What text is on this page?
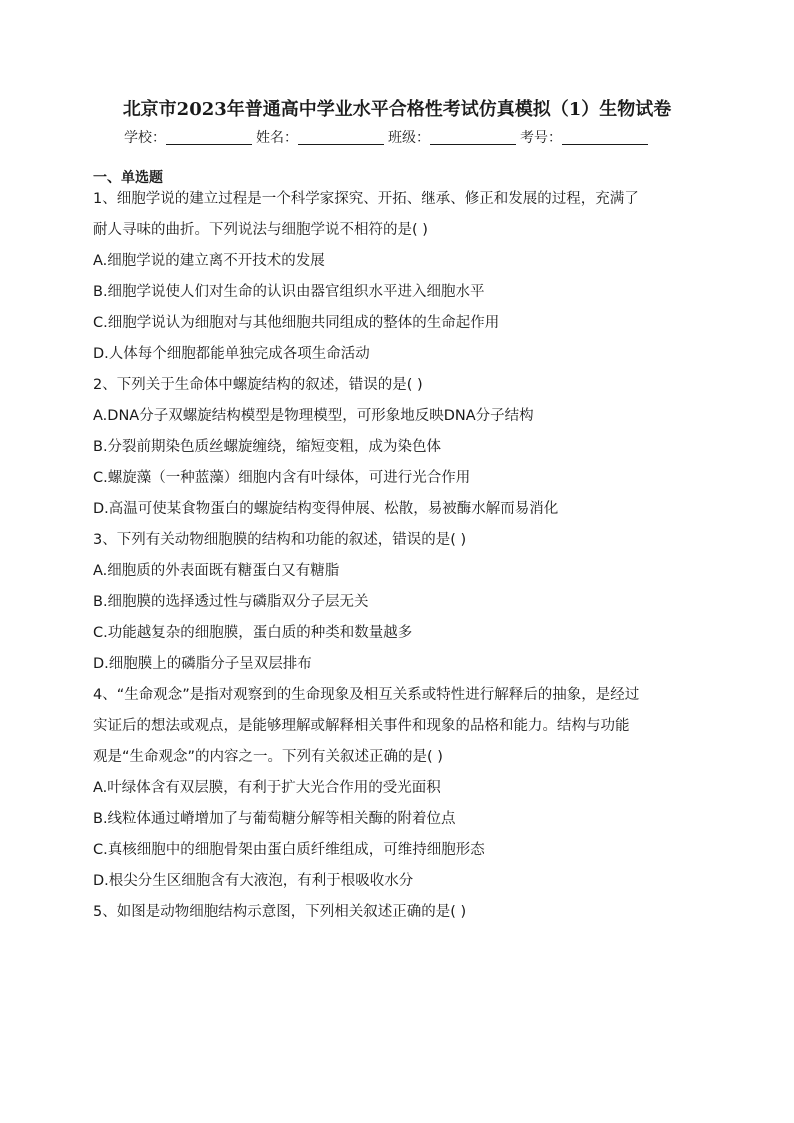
北京市2023年普通高中学业水平合格性考试仿真模拟（1）生物试卷
学校：	姓名：	班级：	考号：
一、单选题

1、细胞学说的建立过程是一个科学家探究、开拓、继承、修正和发展的过程，充满了

耐人寻味的曲折。下列说法与细胞学说不相符的是( )

A.细胞学说的建立离不开技术的发展

B.细胞学说使人们对生命的认识由器官组织水平进入细胞水平

C.细胞学说认为细胞对与其他细胞共同组成的整体的生命起作用

D.人体每个细胞都能单独完成各项生命活动

2、下列关于生命体中螺旋结构的叙述，错误的是( )

A.DNA分子双螺旋结构模型是物理模型，可形象地反映DNA分子结构

B.分裂前期染色质丝螺旋缠绕，缩短变粗，成为染色体

C.螺旋藻（一种蓝藻）细胞内含有叶绿体，可进行光合作用

D.高温可使某食物蛋白的螺旋结构变得伸展、松散，易被酶水解而易消化

3、下列有关动物细胞膜的结构和功能的叙述，错误的是( )

A.细胞质的外表面既有糖蛋白又有糖脂

B.细胞膜的选择透过性与磷脂双分子层无关

C.功能越复杂的细胞膜，蛋白质的种类和数量越多

D.细胞膜上的磷脂分子呈双层排布

4、“生命观念”是指对观察到的生命现象及相互关系或特性进行解释后的抽象，是经过

实证后的想法或观点，是能够理解或解释相关事件和现象的品格和能力。结构与功能

观是“生命观念”的内容之一。下列有关叙述正确的是( )

A.叶绿体含有双层膜，有利于扩大光合作用的受光面积

B.线粒体通过嵴增加了与葡萄糖分解等相关酶的附着位点

C.真核细胞中的细胞骨架由蛋白质纤维组成，可维持细胞形态

D.根尖分生区细胞含有大液泡，有利于根吸收水分

5、如图是动物细胞结构示意图，下列相关叙述正确的是( )
